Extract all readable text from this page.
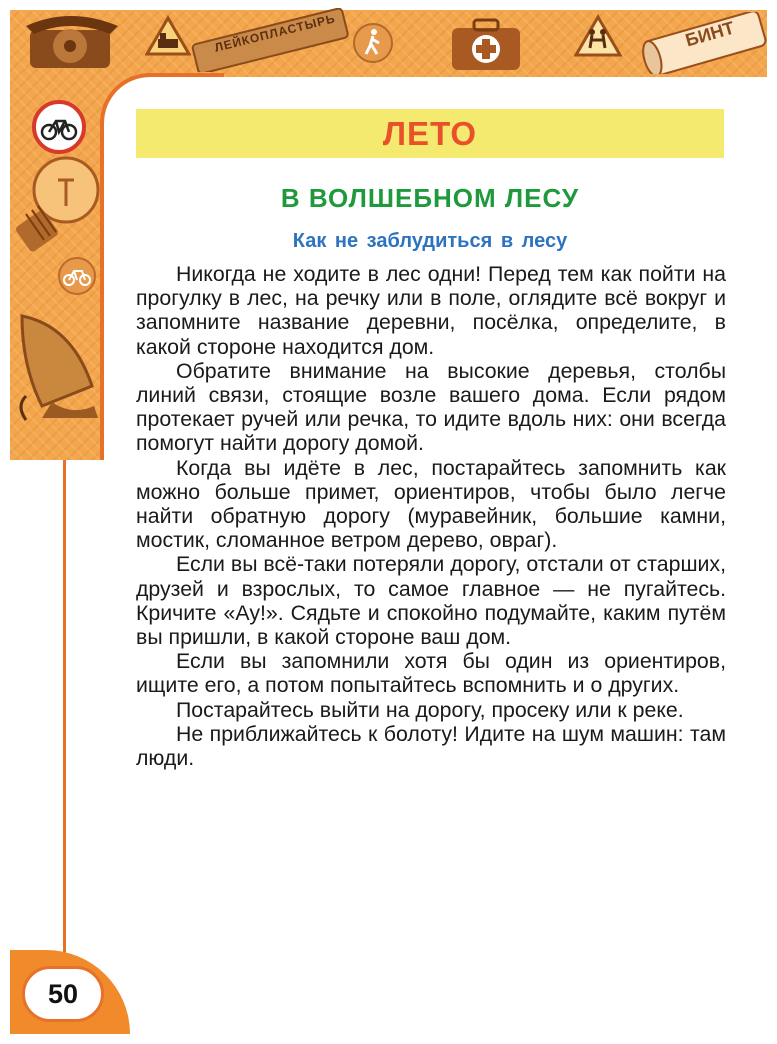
ЛЕЙКОПЛАСТЫРЬ	БИНТ
50
ЛЕТО
В ВОЛШЕБНОМ ЛЕСУ
Как не заблудиться в лесу

Никогда не ходите в лес одни! Перед тем как пойти на прогулку в лес, на речку или в поле, оглядите всё вокруг и запомните название деревни, посёлка, определите, в какой стороне находится дом.

Обратите внимание на высокие деревья, столбы линий связи, стоящие возле вашего дома. Если рядом протекает ручей или речка, то идите вдоль них: они всегда помогут найти дорогу домой.

Когда вы идёте в лес, постарайтесь запомнить как можно больше примет, ориентиров, чтобы было легче найти обратную дорогу (муравейник, большие камни, мостик, сломанное ветром дерево, овраг).

Если вы всё-таки потеряли дорогу, отстали от старших, друзей и взрослых, то самое главное — не пугайтесь. Кричите «Ау!». Сядьте и спокойно подумайте, каким путём вы пришли, в какой стороне ваш дом.

Если вы запомнили хотя бы один из ориентиров, ищите его, а потом попытайтесь вспомнить и о других.

Постарайтесь выйти на дорогу, просеку или к реке.

Не приближайтесь к болоту! Идите на шум машин: там люди.
